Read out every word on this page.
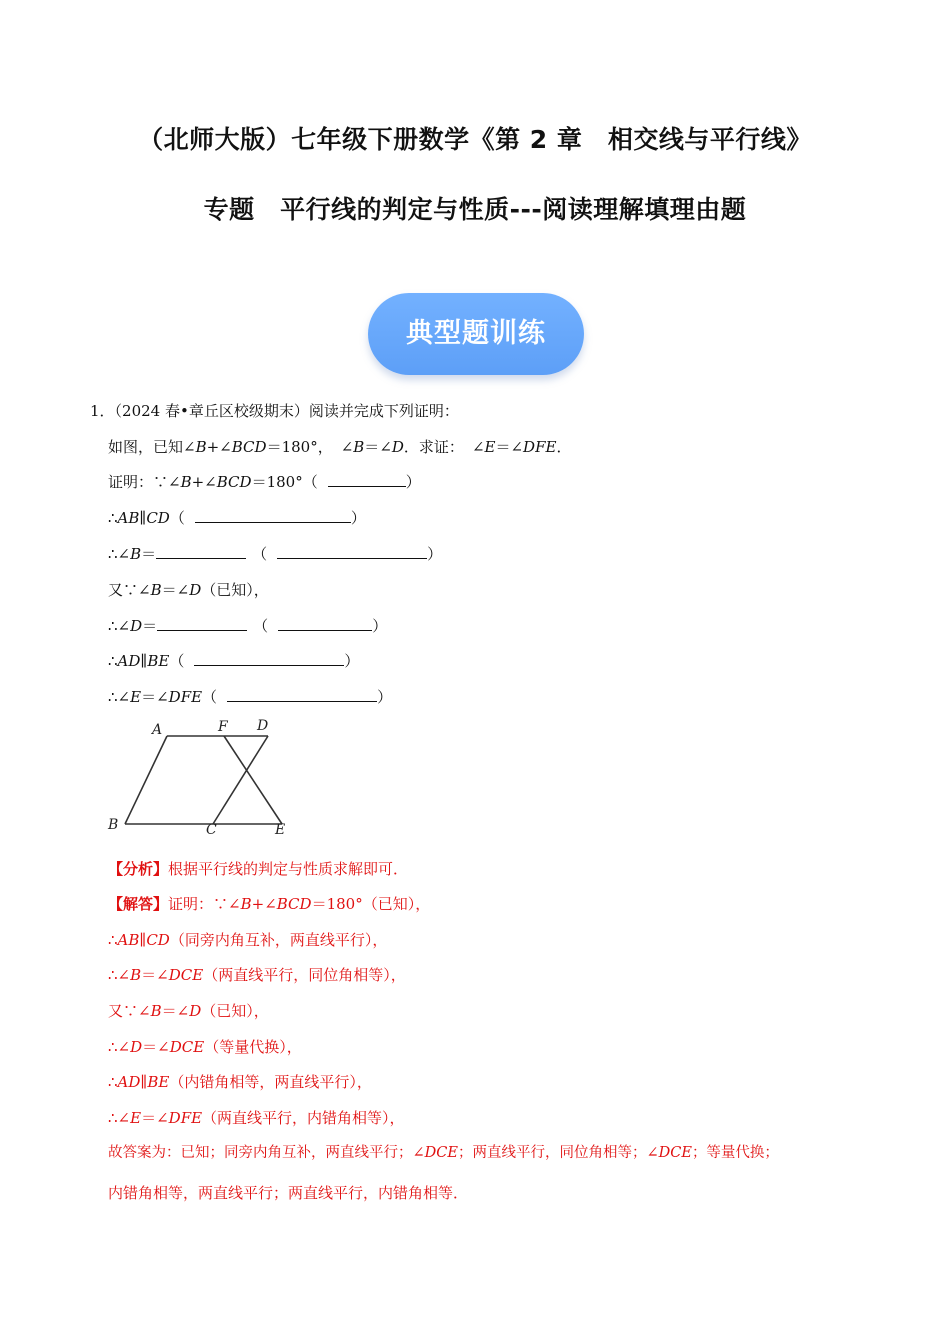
（北师大版）七年级下册数学《第 2 章　相交线与平行线》
专题　平行线的判定与性质---阅读理解填理由题
典型题训练
1．（2024 春•章丘区校级期末）阅读并完成下列证明：
如图，已知∠B+∠BCD＝180°， ∠B＝∠D．求证： ∠E＝∠DFE．
证明：∵∠B+∠BCD＝180°（	）
∴AB∥CD（	）
∴∠B＝	（	）
又∵∠B＝∠D（已知），
∴∠D＝	（	）
∴AD∥BE（	）
∴∠E＝∠DFE（	）
A	F D
B	C	E
【分析】根据平行线的判定与性质求解即可．
【解答】证明：∵∠B+∠BCD＝180°（已知），
∴AB∥CD（同旁内角互补，两直线平行），
∴∠B＝∠DCE（两直线平行，同位角相等），
又∵∠B＝∠D（已知），
∴∠D＝∠DCE（等量代换），
∴AD∥BE（内错角相等，两直线平行），
∴∠E＝∠DFE（两直线平行，内错角相等），
故答案为：已知；同旁内角互补，两直线平行；∠DCE；两直线平行，同位角相等；∠DCE；等量代换；
内错角相等，两直线平行；两直线平行，内错角相等．
